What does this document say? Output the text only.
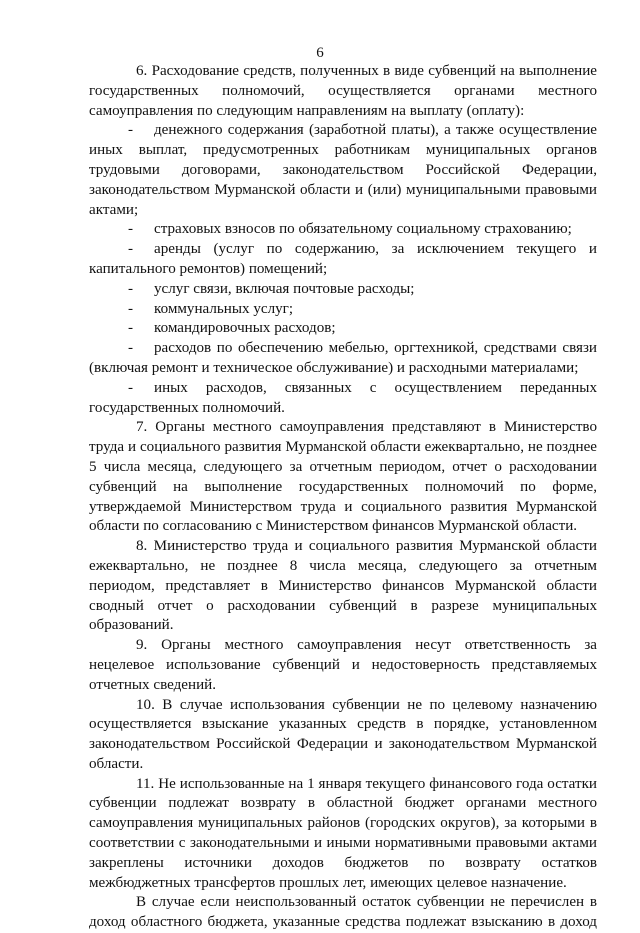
6

6. Расходование средств, полученных в виде субвенций на выполнение государственных полномочий, осуществляется органами местного самоуправления по следующим направлениям на выплату (оплату):

- денежного содержания (заработной платы), а также осуществление иных выплат, предусмотренных работникам муниципальных органов трудовыми договорами, законодательством Российской Федерации, законодательством Мурманской области и (или) муниципальными правовыми актами;

- страховых взносов по обязательному социальному страхованию;

- аренды (услуг по содержанию, за исключением текущего и капитального ремонтов) помещений;

- услуг связи, включая почтовые расходы;

- коммунальных услуг;

- командировочных расходов;

- расходов по обеспечению мебелью, оргтехникой, средствами связи (включая ремонт и техническое обслуживание) и расходными материалами;

- иных расходов, связанных с осуществлением переданных государственных полномочий.

7. Органы местного самоуправления представляют в Министерство труда и социального развития Мурманской области ежеквартально, не позднее 5 числа месяца, следующего за отчетным периодом, отчет о расходовании субвенций на выполнение государственных полномочий по форме, утверждаемой Министерством труда и социального развития Мурманской области по согласованию с Министерством финансов Мурманской области.

8. Министерство труда и социального развития Мурманской области ежеквартально, не позднее 8 числа месяца, следующего за отчетным периодом, представляет в Министерство финансов Мурманской области сводный отчет о расходовании субвенций в разрезе муниципальных образований.

9. Органы местного самоуправления несут ответственность за нецелевое использование субвенций и недостоверность представляемых отчетных сведений.

10. В случае использования субвенции не по целевому назначению осуществляется взыскание указанных средств в порядке, установленном законодательством Российской Федерации и законодательством Мурманской области.

11. Не использованные на 1 января текущего финансового года остатки субвенции подлежат возврату в областной бюджет органами местного самоуправления муниципальных районов (городских округов), за которыми в соответствии с законодательными и иными нормативными правовыми актами закреплены источники доходов бюджетов по возврату остатков межбюджетных трансфертов прошлых лет, имеющих целевое назначение.

В случае если неиспользованный остаток субвенции не перечислен в доход областного бюджета, указанные средства подлежат взысканию в доход
